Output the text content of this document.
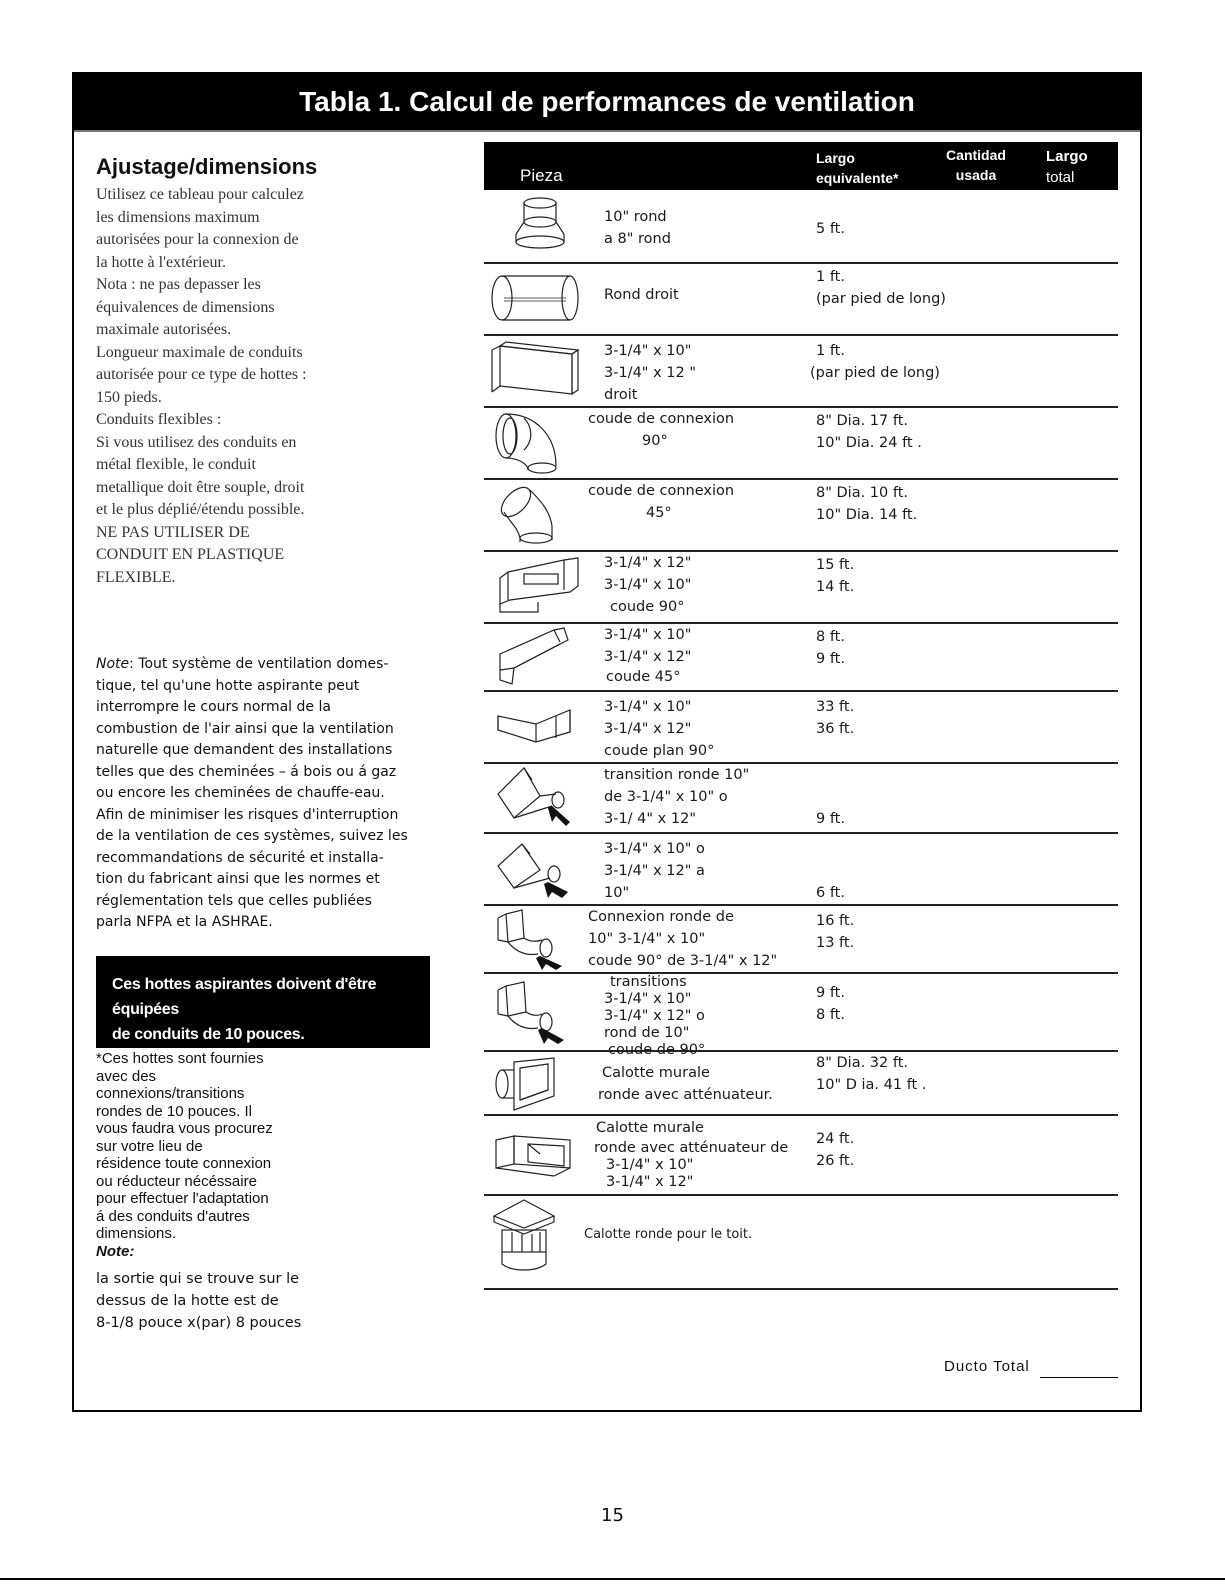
Tabla 1. Calcul de performances de ventilation
Ajustage/dimensions

Utilisez ce tableau pour calculez

les dimensions maximum

autorisées pour la connexion de

la hotte à l'extérieur.

Nota : ne pas depasser les

équivalences de dimensions

maximale autorisées.

Longueur maximale de conduits

autorisée pour ce type de hottes :

150 pieds.

Conduits flexibles :

Si vous utilisez des conduits en

métal flexible, le conduit

metallique doit être souple, droit

et le plus déplié/étendu possible.

NE PAS UTILISER DE

CONDUIT EN PLASTIQUE

FLEXIBLE.

Note: Tout système de ventilation domes-
tique, tel qu'une hotte aspirante peut
interrompre le cours normal de la
combustion de l'air ainsi que la ventilation
naturelle que demandent des installations
telles que des cheminées – á bois ou á gaz
ou encore les cheminées de chauffe-eau.
Afin de minimiser les risques d'interruption
de la ventilation de ces systèmes, suivez les
recommandations de sécurité et installa-
tion du fabricant ainsi que les normes et
réglementation tels que celles publiées
parla NFPA et la ASHRAE.
Ces hottes aspirantes doivent d'être équipées
de conduits de 10 pouces.
*Ces hottes sont fournies
avec des
connexions/transitions
rondes de 10 pouces. Il
vous faudra vous procurez
sur votre lieu de
résidence toute connexion
ou réducteur nécéssaire
pour effectuer l'adaptation
á des conduits d'autres
dimensions.
Note:
la sortie qui se trouve sur le
dessus de la hotte est de
8-1/8 pouce x(par) 8 pouces
Pieza
Largo
equivalente*
Cantidad
usada
Largo
total
10" rond
a 8" rond
5 ft.
Rond droit
1 ft.
(par pied de long)
3-1/4" x 10"
3-1/4" x 12 "
droit
1 ft.
(par pied de long)
coude de connexion
90°
8" Dia. 17 ft.
10" Dia. 24 ft .
coude de connexion
45°
8" Dia. 10 ft.
10" Dia. 14 ft.
3-1/4" x 12"
3-1/4" x 10"
coude 90°
15 ft.
14 ft.
3-1/4" x 10"
3-1/4" x 12"
coude 45°
8 ft.
9 ft.
3-1/4" x 10"
3-1/4" x 12"
coude plan 90°
33 ft.
36 ft.
transition ronde 10"
de 3-1/4" x 10" o
3-1/ 4" x 12"

	9 ft.
3-1/4" x 10" o
3-1/4" x 12" a
10"

	6 ft.
Connexion ronde de
10" 3-1/4" x 10"
coude 90° de 3-1/4" x 12"
16 ft.
13 ft.
transitions
3-1/4" x 10"
3-1/4" x 12" o
rond de 10"
coude de 90°
9 ft.
8 ft.
Calotte murale
ronde avec atténuateur.
8" Dia. 32 ft.
10" D ia. 41 ft .
Calotte murale
ronde avec atténuateur de
3-1/4" x 10"
3-1/4" x 12"
24 ft.
26 ft.
Calotte ronde pour le toit.
Ducto Total
15
